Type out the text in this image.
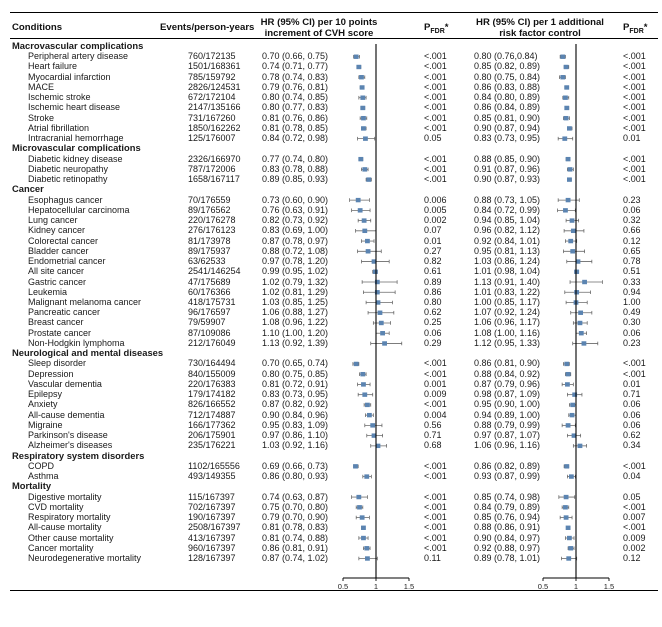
Conditions	Events/person-years HR (95% CI) per 10 points
increment of CVH score
$P_{FDR}*$	HR (95% CI) per 1 additional
risk factor control
$P_{FDR}*$
Macrovascular complications
Peripheral artery disease	760/172135	0.70 (0.66, 0.75)	<.001	0.80 (0.76,0.84)	<.001
Heart failure	1501/168361 0.74 (0.71, 0.77)	<.001	0.85 (0.82, 0.89)	<.001
Myocardial infarction	785/159792	0.78 (0.74, 0.83)	<.001	0.80 (0.75, 0.84)	<.001
MACE	2826/124531 0.79 (0.76, 0.81)	<.001	0.86 (0.83, 0.88)	<.001
Ischemic stroke	672/172104	0.80 (0.74, 0.85)	<.001	0.84 (0.80, 0.89)	<.001
Ischemic heart disease	2147/135166 0.80 (0.77, 0.83)	<.001	0.86 (0.84, 0.89)	<.001
Stroke	731/167260	0.81 (0.76, 0.86)	<.001	0.85 (0.81, 0.90)	<.001
Atrial fibrillation	1850/162262 0.81 (0.78, 0.85)	<.001	0.90 (0.87, 0.94)	<.001
Intracranial hemorrhage	125/176007	0.84 (0.72, 0.98)	0.05	0.83 (0.73, 0.95)	0.01
Microvascular complications
Diabetic kidney disease	2326/166970 0.77 (0.74, 0.80)	<.001	0.88 (0.85, 0.90)	<.001
Diabetic neuropathy	787/172006	0.83 (0.78, 0.88)	<.001	0.91 (0.87, 0.96)	<.001
Diabetic retinopathy	1658/167117 0.89 (0.85, 0.93)	<.001	0.90 (0.87, 0.93)	<.001
Cancer
Esophagus cancer	70/176559	0.73 (0.60, 0.90)	0.006	0.88 (0.73, 1.05)	0.23
Hepatocellular carcinoma	89/176562	0.76 (0.63, 0.91)	0.005	0.84 (0.72, 0.99)	0.06
Lung cancer	220/176278	0.82 (0.73, 0.92)	0.002	0.94 (0.85, 1.04)	0.32
Kidney cancer	276/176123	0.83 (0.69, 1.00)	0.07	0.96 (0.82, 1.12)	0.66
Colorectal cancer	81/173978	0.87 (0.78, 0.97)	0.01	0.92 (0.84, 1.01)	0.12
Bladder cancer	89/175937	0.88 (0.72, 1.08)	0.27	0.95 (0.81, 1.13)	0.65
Endometrial cancer	63/62533	0.97 (0.78, 1.20)	0.82	1.03 (0.86, 1.24)	0.78
All site cancer	2541/146254 0.99 (0.95, 1.02)	0.61	1.01 (0.98, 1.04)	0.51
Gastric cancer	47/175689	1.02 (0.79, 1.32)	0.89	1.13 (0.91, 1.40)	0.33
Leukemia	60/176366	1.02 (0.81, 1.29)	0.86	1.01 (0.83, 1.22)	0.94
Malignant melanoma cancer	418/175731	1.03 (0.85, 1.25)	0.80	1.00 (0.85, 1.17)	1.00
Pancreatic cancer	96/176597	1.06 (0.88, 1.27)	0.62	1.07 (0.92, 1.24)	0.49
Breast cancer	79/59907	1.08 (0.96, 1.22)	0.25	1.06 (0.96, 1.17)	0.30
Prostate cancer	87/109086	1.10 (1.00, 1.20)	0.06	1.08 (1.00, 1.16)	0.06
Non-Hodgkin lymphoma	212/176049	1.13 (0.92, 1.39)	0.29	1.12 (0.95, 1.33)	0.23
Neurological and mental diseases
Sleep disorder	730/164494	0.70 (0.65, 0.74)	<.001	0.86 (0.81, 0.90)	<.001
Depression	840/155009	0.80 (0.75, 0.85)	<.001	0.88 (0.84, 0.92)	<.001
Vascular dementia	220/176383	0.81 (0.72, 0.91)	0.001	0.87 (0.79, 0.96)	0.01
Epilepsy	179/174182	0.83 (0.73, 0.95)	0.009	0.98 (0.87, 1.09)	0.71
Anxiety	826/166552	0.87 (0.82, 0.92)	<.001	0.95 (0.90, 1.00)	0.06
All-cause dementia	712/174887	0.90 (0.84, 0.96)	0.004	0.94 (0.89, 1.00)	0.06
Migraine	166/177362	0.95 (0.83, 1.09)	0.56	0.88 (0.79, 0.99)	0.06
Parkinson's disease	206/175901	0.97 (0.86, 1.10)	0.71	0.97 (0.87, 1.07)	0.62
Alzheimer's diseases	235/176221	1.03 (0.92, 1.16)	0.68	1.06 (0.96, 1.16)	0.34
Respiratory system disorders
COPD	1102/165556 0.69 (0.66, 0.73)	<.001	0.86 (0.82, 0.89)	<.001
Asthma	493/149355	0.86 (0.80, 0.93)	<.001	0.93 (0.87, 0.99)	0.04
Mortality
Digestive mortality	115/167397	0.74 (0.63, 0.87)	<.001	0.85 (0.74, 0.98)	0.05
CVD mortality	702/167397	0.75 (0.70, 0.80)	<.001	0.84 (0.79, 0.89)	<.001
Respiratory mortality	190/167397	0.79 (0.70, 0.90)	<.001	0.85 (0.76, 0.94)	0.007
All-cause mortality	2508/167397 0.81 (0.78, 0.83)	<.001	0.88 (0.86, 0.91)	<.001
Other cause mortality	413/167397	0.81 (0.74, 0.88)	<.001	0.90 (0.84, 0.97)	0.009
Cancer mortality	960/167397	0.86 (0.81, 0.91)	<.001	0.92 (0.88, 0.97)	0.002
Neurodegenerative mortality	128/167397	0.87 (0.74, 1.02)	0.11	0.89 (0.78, 1.01)	0.12
0.5	1	1.5	0.5	1	1.5
